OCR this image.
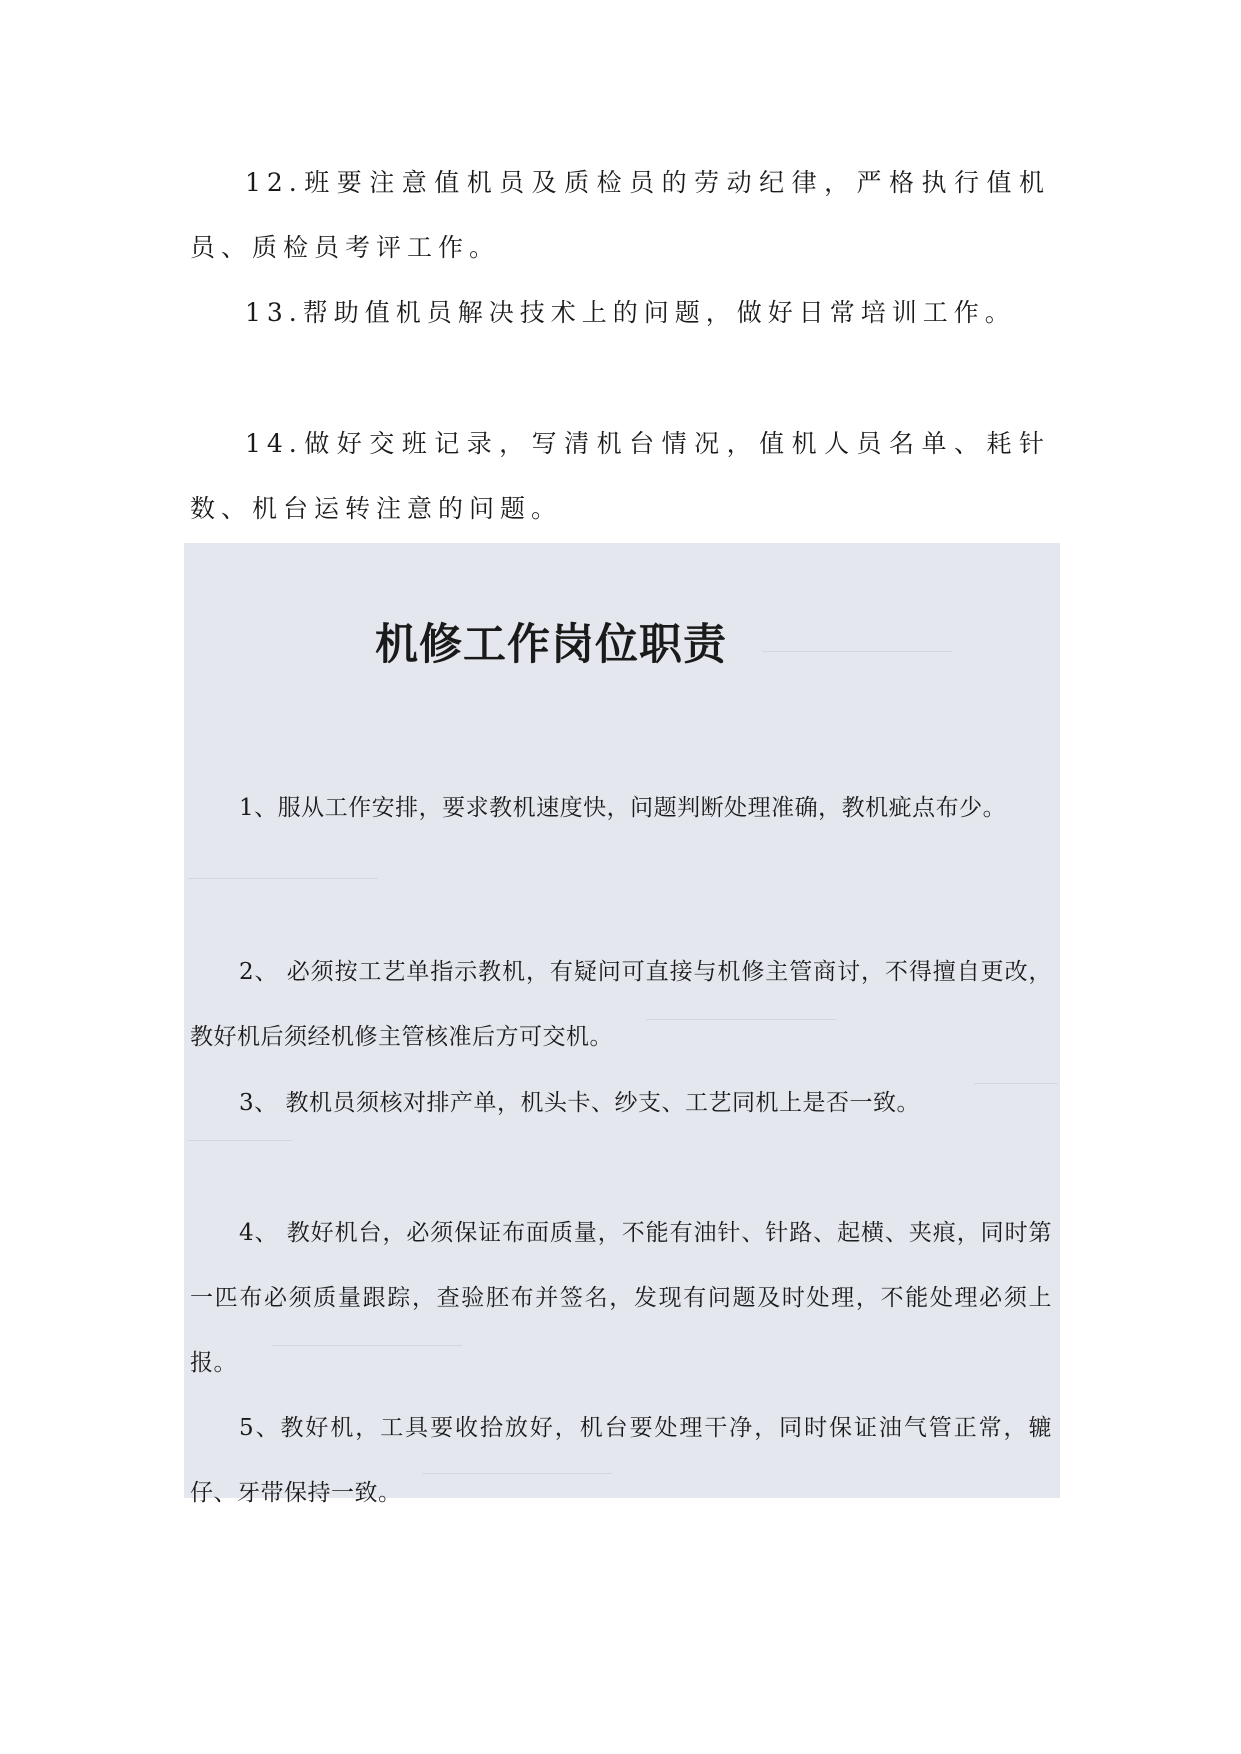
12.班要注意值机员及质检员的劳动纪律，严格执行值机员、质检员考评工作。

13.帮助值机员解决技术上的问题，做好日常培训工作。

14.做好交班记录，写清机台情况，值机人员名单、耗针数、机台运转注意的问题。

机修工作岗位职责

1、服从工作安排，要求教机速度快，问题判断处理准确，教机疵点布少。

2、 必须按工艺单指示教机，有疑问可直接与机修主管商讨，不得擅自更改，教好机后须经机修主管核准后方可交机。

3、 教机员须核对排产单，机头卡、纱支、工艺同机上是否一致。

4、 教好机台，必须保证布面质量，不能有油针、针路、起横、夹痕，同时第一匹布必须质量跟踪，查验胚布并签名，发现有问题及时处理，不能处理必须上报。

5、教好机，工具要收拾放好，机台要处理干净，同时保证油气管正常，辘仔、牙带保持一致。
